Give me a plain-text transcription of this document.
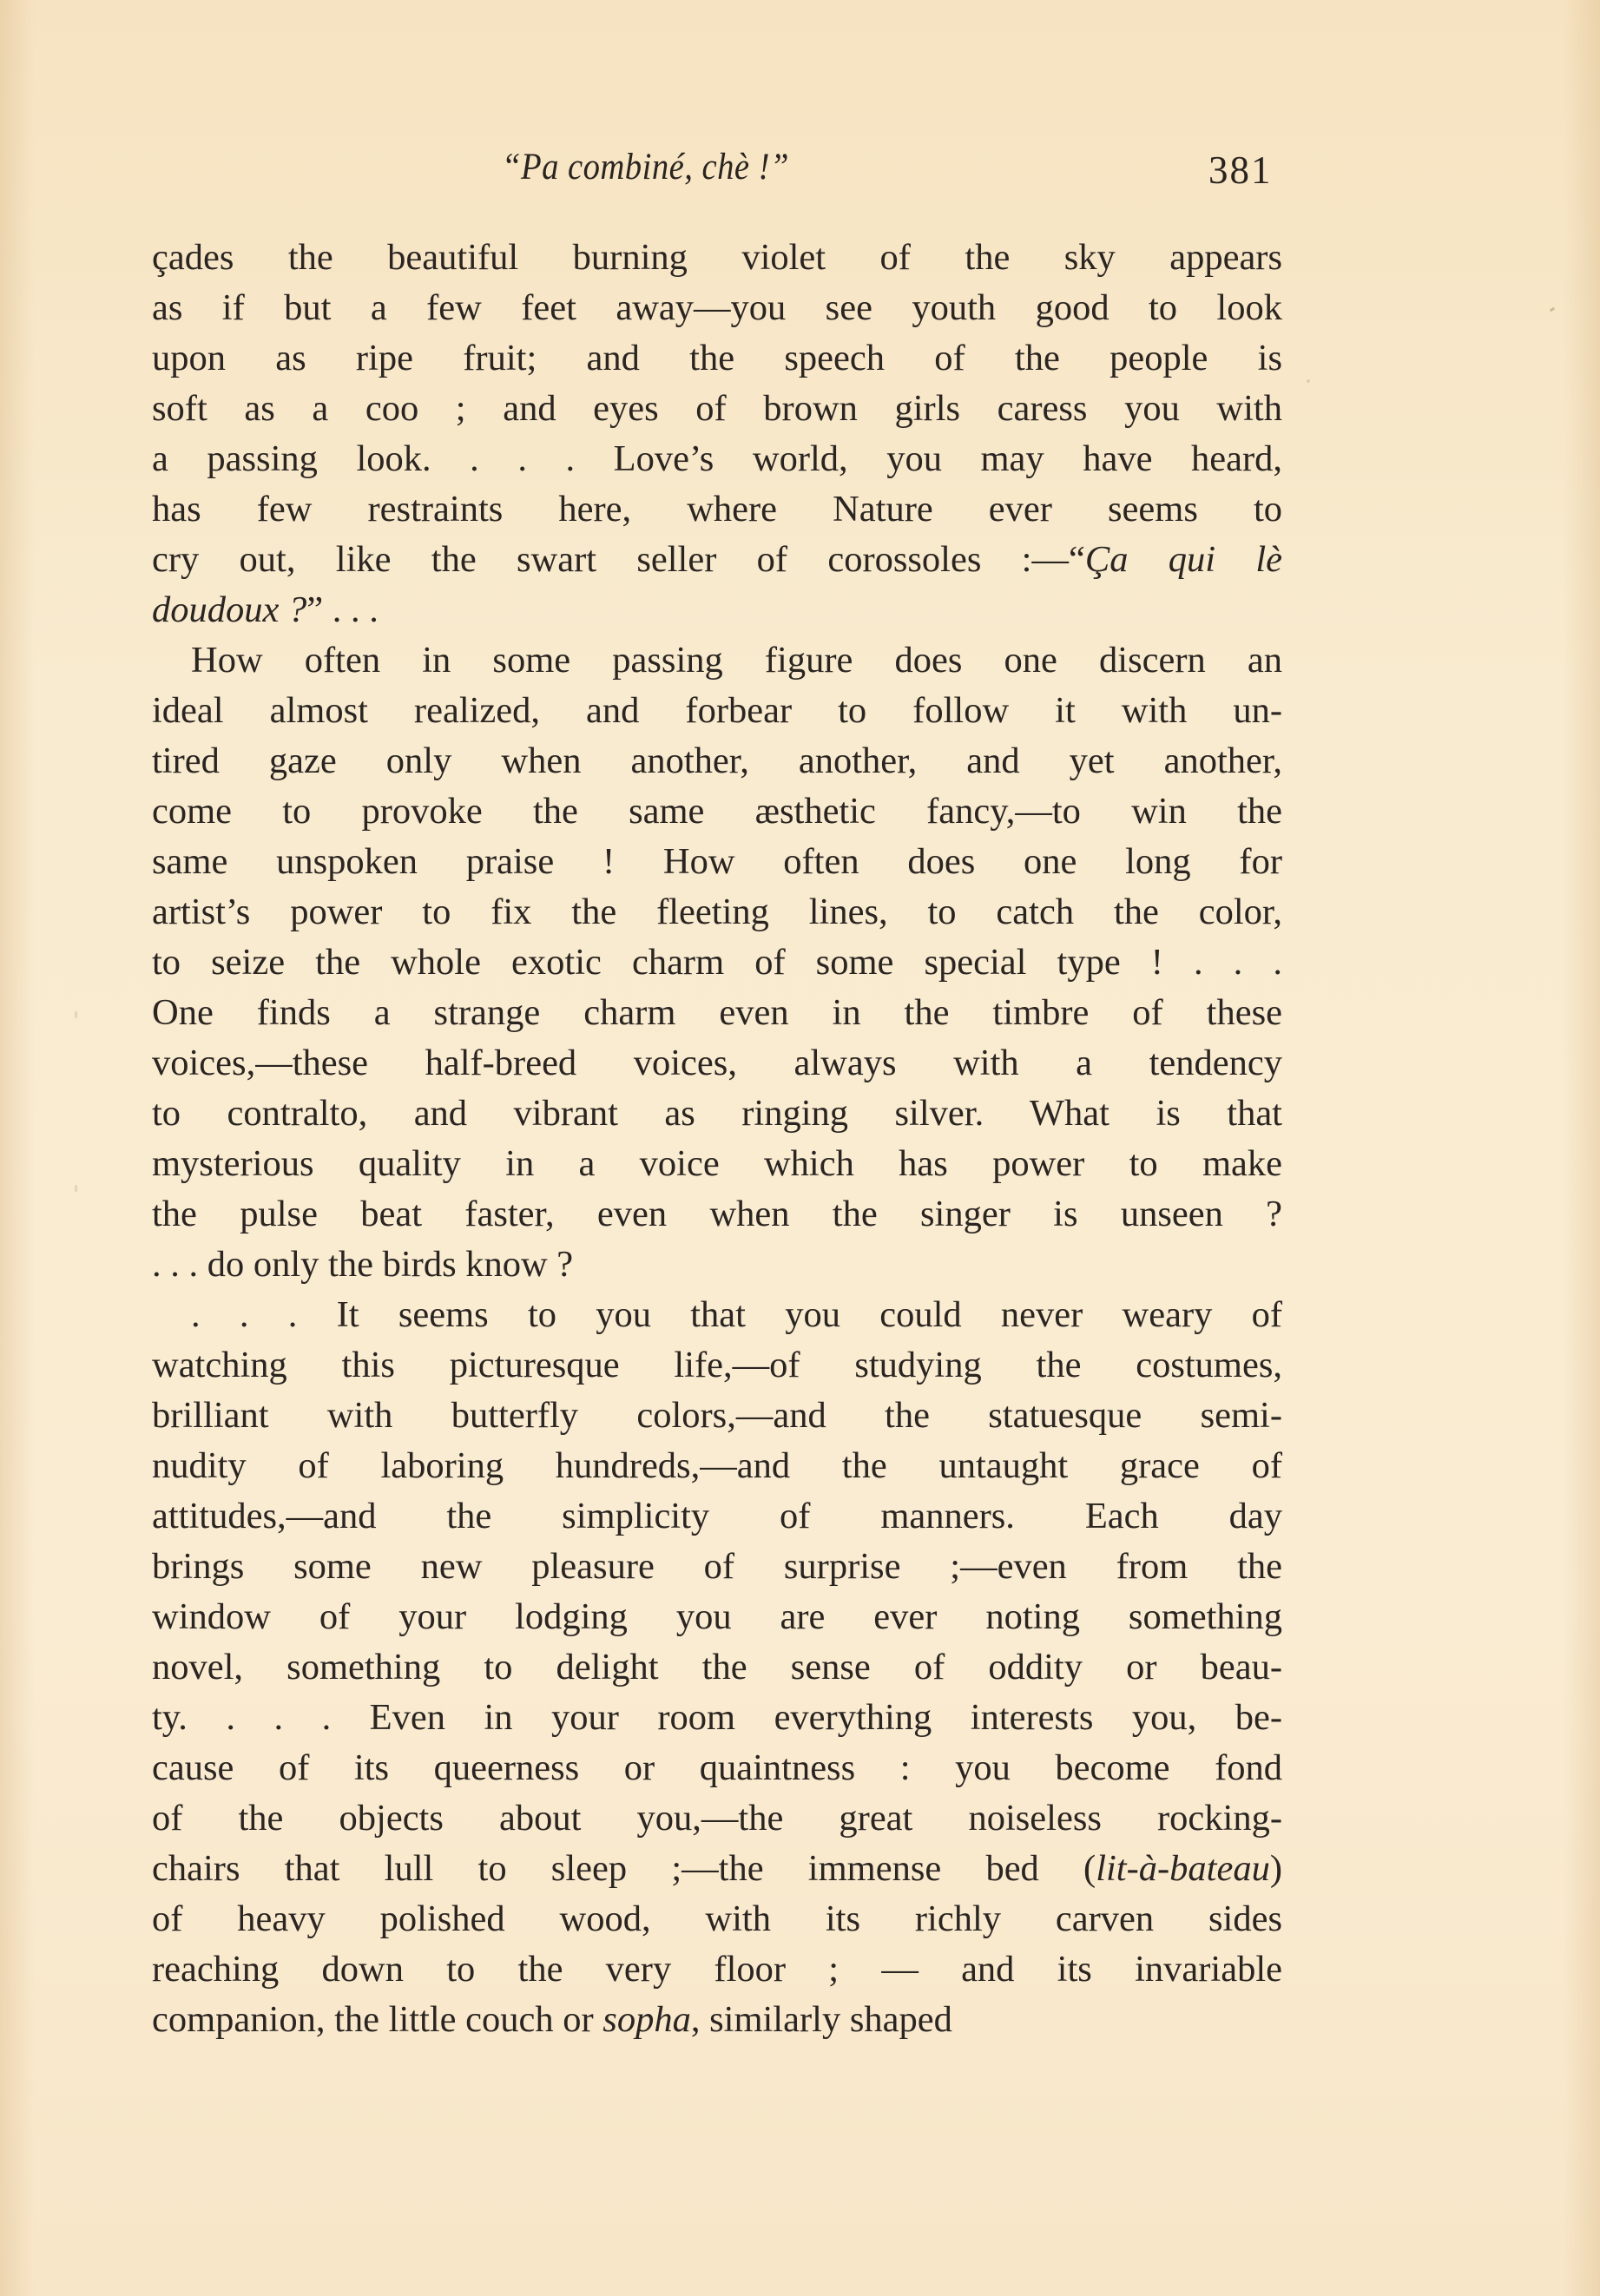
“Pa combiné, chè !”	381
çades the beautiful burning violet of the sky appears
as if but a few feet away—you see youth good to look
upon as ripe fruit; and the speech of the people is
soft as a coo ; and eyes of brown girls caress you with
a passing look. . . . Love’s world, you may have heard,
has few restraints here, where Nature ever seems to
cry out, like the swart seller of corossoles :—“Ça qui lè
doudoux ?” . . .
How often in some passing figure does one discern an
ideal almost realized, and forbear to follow it with un-
tired gaze only when another, another, and yet another,
come to provoke the same æsthetic fancy,—to win the
same unspoken praise ! How often does one long for
artist’s power to fix the fleeting lines, to catch the color,
to seize the whole exotic charm of some special type ! . . .
One finds a strange charm even in the timbre of these
voices,—these half-breed voices, always with a tendency
to contralto, and vibrant as ringing silver. What is that
mysterious quality in a voice which has power to make
the pulse beat faster, even when the singer is unseen ?
. . . do only the birds know ?
. . . It seems to you that you could never weary of
watching this picturesque life,—of studying the costumes,
brilliant with butterfly colors,—and the statuesque semi-
nudity of laboring hundreds,—and the untaught grace of
attitudes,—and the simplicity of manners. Each day
brings some new pleasure of surprise ;—even from the
window of your lodging you are ever noting something
novel, something to delight the sense of oddity or beau-
ty. . . . Even in your room everything interests you, be-
cause of its queerness or quaintness : you become fond
of the objects about you,—the great noiseless rocking-
chairs that lull to sleep ;—the immense bed (lit-à-bateau)
of heavy polished wood, with its richly carven sides
reaching down to the very floor ; — and its invariable
companion, the little couch or sopha, similarly shaped
